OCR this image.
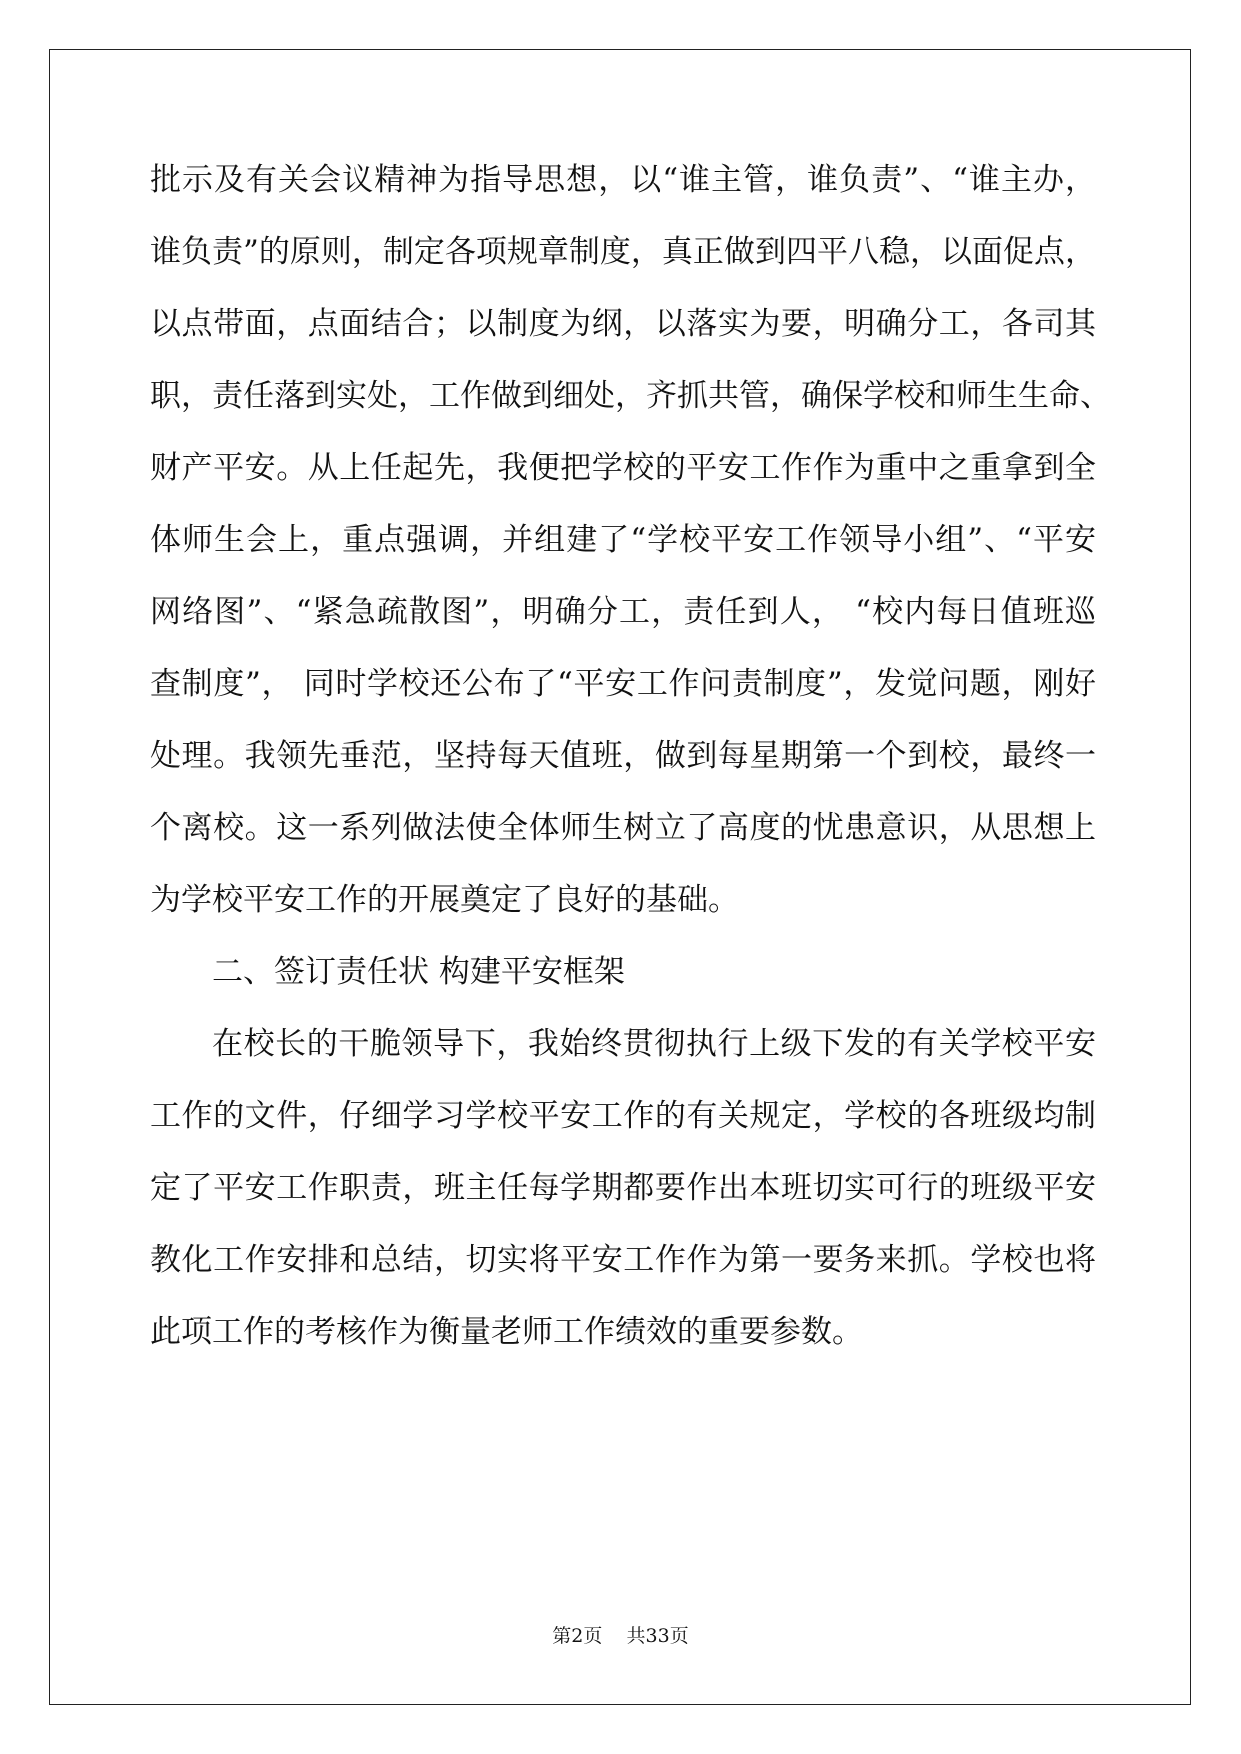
批示及有关会议精神为指导思想，以“谁主管，谁负责”、“谁主办，
谁负责”的原则，制定各项规章制度，真正做到四平八稳，以面促点，
以点带面，点面结合；以制度为纲，以落实为要，明确分工，各司其
职，责任落到实处，工作做到细处，齐抓共管，确保学校和师生生命、
财产平安。从上任起先，我便把学校的平安工作作为重中之重拿到全
体师生会上，重点强调，并组建了“学校平安工作领导小组”、“平安
网络图”、“紧急疏散图”，明确分工，责任到人， “校内每日值班巡
查制度”， 同时学校还公布了“平安工作问责制度”，发觉问题，刚好
处理。我领先垂范，坚持每天值班，做到每星期第一个到校，最终一
个离校。这一系列做法使全体师生树立了高度的忧患意识，从思想上
为学校平安工作的开展奠定了良好的基础。
二、签订责任状 构建平安框架
在校长的干脆领导下，我始终贯彻执行上级下发的有关学校平安
工作的文件，仔细学习学校平安工作的有关规定，学校的各班级均制
定了平安工作职责，班主任每学期都要作出本班切实可行的班级平安
教化工作安排和总结，切实将平安工作作为第一要务来抓。学校也将
此项工作的考核作为衡量老师工作绩效的重要参数。
第2页 共33页
